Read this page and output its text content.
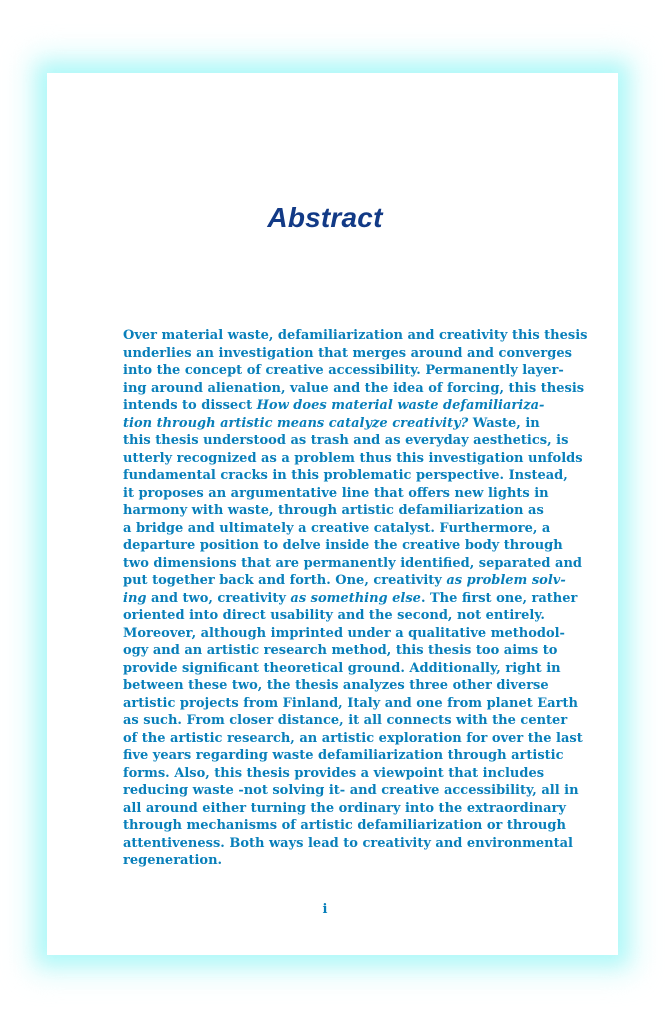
Abstract
Over material waste, defamiliarization and creativity this thesis
underlies an investigation that merges around and converges
into the concept of creative accessibility. Permanently layer-
ing around alienation, value and the idea of forcing, this thesis
intends to dissect How does material waste defamiliariza-
tion through artistic means catalyze creativity? Waste, in
this thesis understood as trash and as everyday aesthetics, is
utterly recognized as a problem thus this investigation unfolds
fundamental cracks in this problematic perspective. Instead,
it proposes an argumentative line that offers new lights in
harmony with waste, through artistic defamiliarization as
a bridge and ultimately a creative catalyst. Furthermore, a
departure position to delve inside the creative body through
two dimensions that are permanently identified, separated and
put together back and forth. One, creativity as problem solv-
ing and two, creativity as something else. The first one, rather
oriented into direct usability and the second, not entirely.
Moreover, although imprinted under a qualitative methodol-
ogy and an artistic research method, this thesis too aims to
provide significant theoretical ground. Additionally, right in
between these two, the thesis analyzes three other diverse
artistic projects from Finland, Italy and one from planet Earth
as such. From closer distance, it all connects with the center
of the artistic research, an artistic exploration for over the last
five years regarding waste defamiliarization through artistic
forms. Also, this thesis provides a viewpoint that includes
reducing waste -not solving it- and creative accessibility, all in
all around either turning the ordinary into the extraordinary
through mechanisms of artistic defamiliarization or through
attentiveness. Both ways lead to creativity and environmental
regeneration.
i
